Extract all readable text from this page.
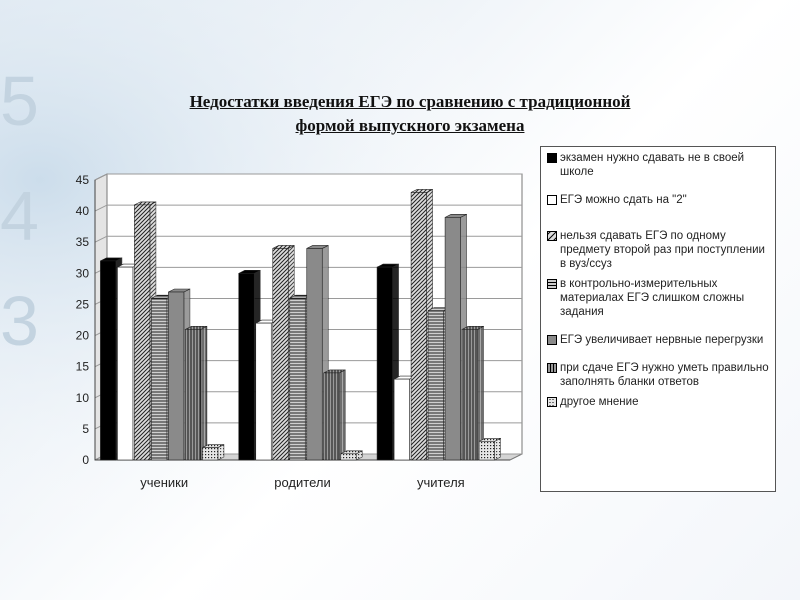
5
4
3
Недостатки введения ЕГЭ по сравнению с традиционной
формой выпускного экзамена
0
5
10
15
20
25
30
35
40
45
ученики	родители	учителя
экзамен нужно сдавать не в своей школе
ЕГЭ можно сдать на "2"
нельзя сдавать ЕГЭ по одному предмету второй раз при поступлении в вуз/ссуз
в контрольно-измерительных материалах ЕГЭ слишком сложны задания
ЕГЭ увеличивает нервные перегрузки
при сдаче ЕГЭ нужно уметь правильно заполнять бланки ответов
другое мнение
